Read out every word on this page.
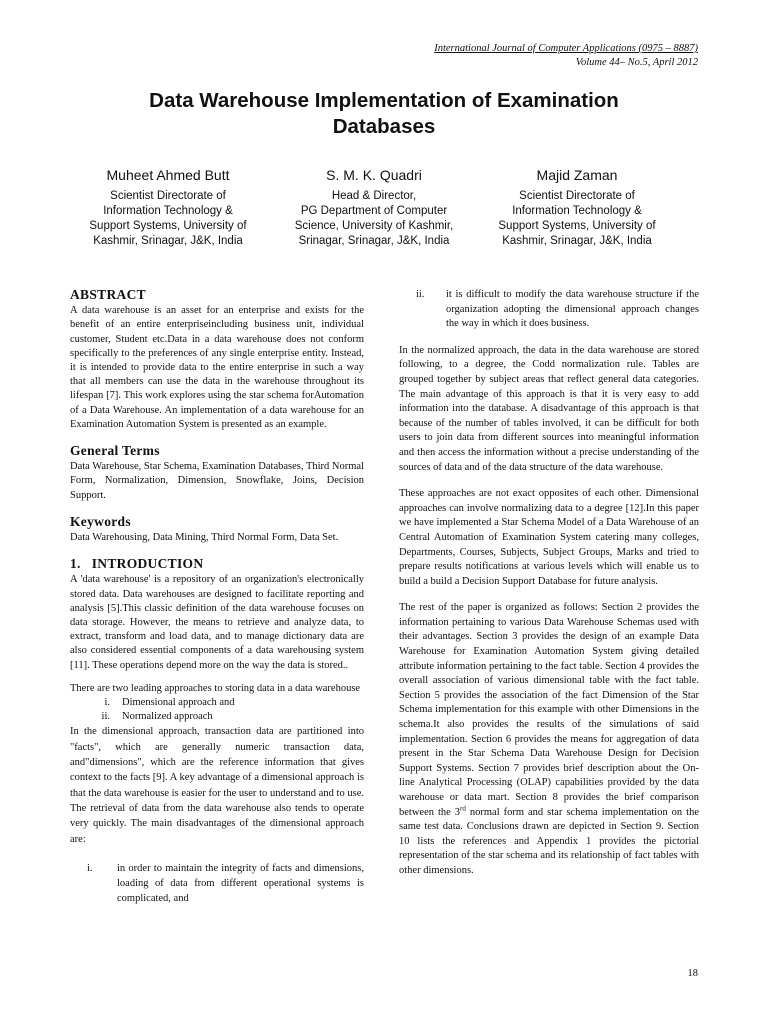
International Journal of Computer Applications (0975 – 8887)
Volume 44– No.5, April 2012
Data Warehouse Implementation of Examination
Databases
Muheet Ahmed Butt
Scientist Directorate of
Information Technology &
Support Systems, University of
Kashmir, Srinagar, J&K, India
S. M. K. Quadri
Head & Director,
PG Department of Computer
Science, University of Kashmir,
Srinagar, Srinagar, J&K, India
Majid Zaman
Scientist Directorate of
Information Technology &
Support Systems, University of
Kashmir, Srinagar, J&K, India
ABSTRACT

A data warehouse is an asset for an enterprise and exists for the benefit of an entire enterpriseincluding business unit, individual customer, Student etc.Data in a data warehouse does not conform specifically to the preferences of any single enterprise entity. Instead, it is intended to provide data to the entire enterprise in such a way that all members can use the data in the warehouse throughout its lifespan [7]. This work explores using the star schema forAutomation of a Data Warehouse. An implementation of a data warehouse for an Examination Automation System is presented as an example.

General Terms

Data Warehouse, Star Schema, Examination Databases, Third Normal Form, Normalization, Dimension, Snowflake, Joins, Decision Support.

Keywords

Data Warehousing, Data Mining, Third Normal Form, Data Set.

1.   INTRODUCTION

A 'data warehouse' is a repository of an organization's electronically stored data. Data warehouses are designed to facilitate reporting and analysis [5].This classic definition of the data warehouse focuses on data storage. However, the means to retrieve and analyze data, to extract, transform and load data, and to manage dictionary data are also considered essential components of a data warehousing system [11]. These operations depend more on the way the data is stored..

There are two leading approaches to storing data in a data warehouse

i. Dimensional approach and
ii. Normalized approach

In the dimensional approach, transaction data are partitioned into "facts", which are generally numeric transaction data, and"dimensions", which are the reference information that gives context to the facts [9]. A key advantage of a dimensional approach is that the data warehouse is easier for the user to understand and to use. The retrieval of data from the data warehouse also tends to operate very quickly. The main disadvantages of the dimensional approach are:

i.	in order to maintain the integrity of facts and dimensions, loading of data from different operational systems is complicated, and
ii.	it is difficult to modify the data warehouse structure if the organization adopting the dimensional approach changes the way in which it does business.

In the normalized approach, the data in the data warehouse are stored following, to a degree, the Codd normalization rule. Tables are grouped together by subject areas that reflect general data categories. The main advantage of this approach is that it is very easy to add information into the database. A disadvantage of this approach is that because of the number of tables involved, it can be difficult for both users to join data from different sources into meaningful information and then access the information without a precise understanding of the sources of data and of the data structure of the data warehouse.

These approaches are not exact opposites of each other. Dimensional approaches can involve normalizing data to a degree [12].In this paper we have implemented a Star Schema Model of a Data Warehouse of an Central Automation of Examination System catering many colleges, Departments, Courses, Subjects, Subject Groups, Marks and tried to prepare results notifications at various levels which will enable us to build a build a Decision Support Database for future analysis.

The rest of the paper is organized as follows: Section 2 provides the information pertaining to various Data Warehouse Schemas used with their advantages. Section 3 provides the design of an example Data Warehouse for Examination Automation System giving detailed attribute information pertaining to the fact table. Section 4 provides the overall association of various dimensional table with the fact table. Section 5 provides the association of the fact Dimension of the Star Schema implementation for this example with other Dimensions in the schema.It also provides the results of the simulations of said implementation. Section 6 provides the means for aggregation of data present in the Star Schema Data Warehouse Design for Decision Support Systems. Section 7 provides brief description about the On-line Analytical Processing (OLAP) capabilities provided by the data warehouse or data mart. Section 8 provides the brief comparison between the 3rd normal form and star schema implementation on the same test data. Conclusions drawn are depicted in Section 9. Section 10 lists the references and Appendix 1 provides the pictorial representation of the star schema and its relationship of fact tables with other dimensions.

18
